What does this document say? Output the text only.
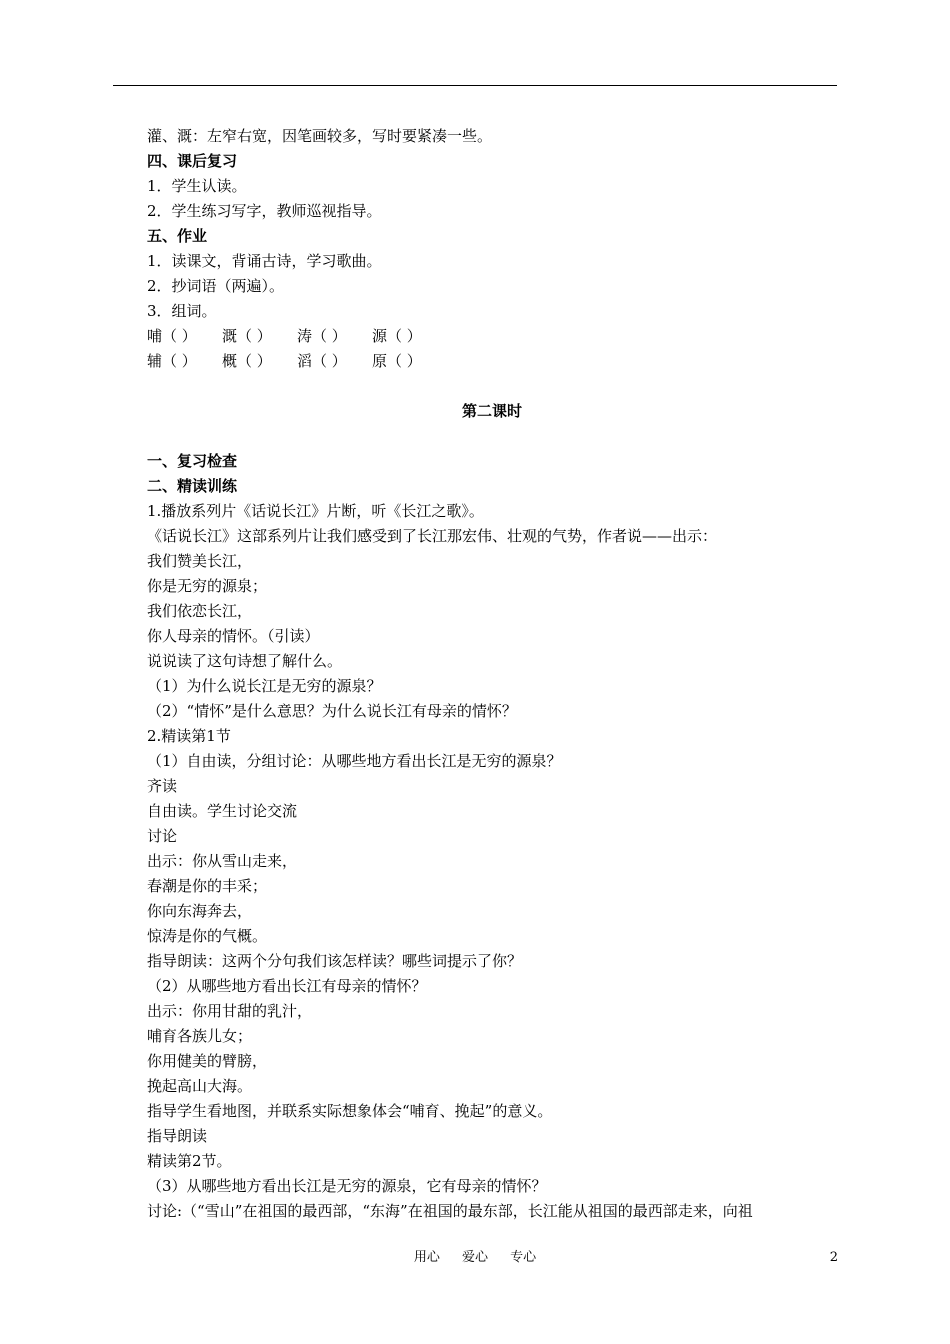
灌、溉：左窄右宽，因笔画较多，写时要紧凑一些。
四、课后复习
1．学生认读。
2．学生练习写字，教师巡视指导。
五、作业
1．读课文，背诵古诗，学习歌曲。
2．抄词语（两遍）。
3．组词。
哺（ ）	溉（ ）	涛（ ）	源（ ）
辅（ ）	概（ ）	滔（ ）	原（ ）
第二课时
一、复习检查
二、精读训练
1.播放系列片《话说长江》片断，听《长江之歌》。
《话说长江》这部系列片让我们感受到了长江那宏伟、壮观的气势，作者说——出示：
我们赞美长江，
你是无穷的源泉；
我们依恋长江，
你人母亲的情怀。（引读）
说说读了这句诗想了解什么。
（1）为什么说长江是无穷的源泉？
（2）“情怀”是什么意思？为什么说长江有母亲的情怀？
2.精读第1节
（1）自由读，分组讨论：从哪些地方看出长江是无穷的源泉？
齐读
自由读。学生讨论交流
讨论
出示：你从雪山走来，
春潮是你的丰采；
你向东海奔去，
惊涛是你的气概。
指导朗读：这两个分句我们该怎样读？哪些词提示了你？
（2）从哪些地方看出长江有母亲的情怀？
出示：你用甘甜的乳汁，
哺育各族儿女；
你用健美的臂膀，
挽起高山大海。
指导学生看地图，并联系实际想象体会“哺育、挽起”的意义。
指导朗读
精读第2节。
（3）从哪些地方看出长江是无穷的源泉，它有母亲的情怀？
讨论:（“雪山”在祖国的最西部，“东海”在祖国的最东部，长江能从祖国的最西部走来，向祖
用心 爱心 专心	2
